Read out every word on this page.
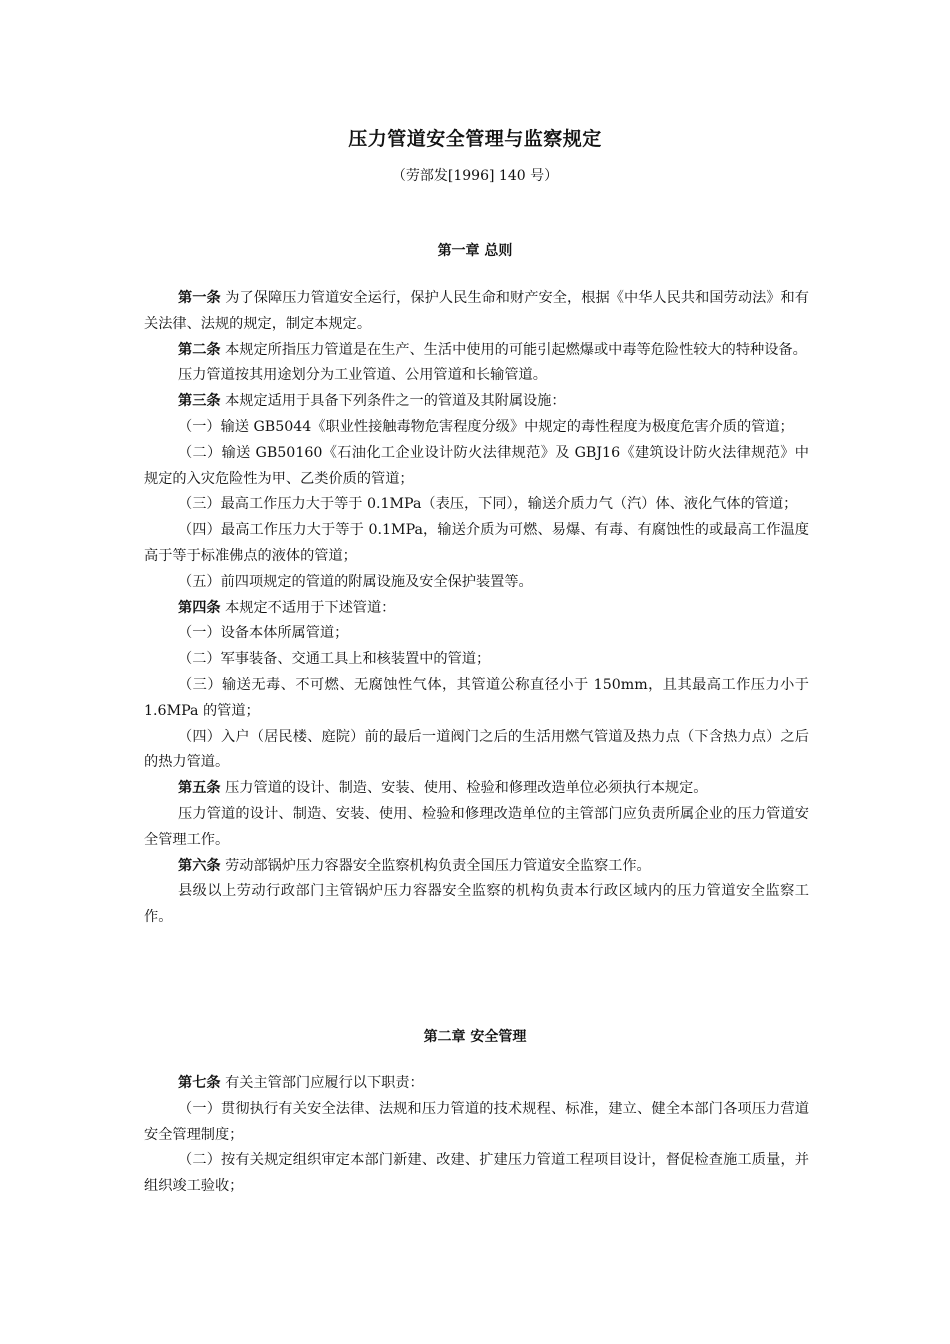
压力管道安全管理与监察规定
（劳部发[1996] 140 号）
第一章 总则

第一条 为了保障压力管道安全运行，保护人民生命和财产安全，根据《中华人民共和国劳动法》和有关法律、法规的规定，制定本规定。

第二条 本规定所指压力管道是在生产、生活中使用的可能引起燃爆或中毒等危险性较大的特种设备。

压力管道按其用途划分为工业管道、公用管道和长输管道。

第三条 本规定适用于具备下列条件之一的管道及其附属设施：

（一）输送 GB5044《职业性接触毒物危害程度分级》中规定的毒性程度为极度危害介质的管道；

（二）输送 GB50160《石油化工企业设计防火法律规范》及 GBJ16《建筑设计防火法律规范》中规定的入灾危险性为甲、乙类价质的管道；

（三）最高工作压力大于等于 0.1MPa（表压，下同），输送介质力气（汽）体、液化气体的管道；

（四）最高工作压力大于等于 0.1MPa，输送介质为可燃、易爆、有毒、有腐蚀性的或最高工作温度高于等于标准佛点的液体的管道；

（五）前四项规定的管道的附属设施及安全保护装置等。

第四条 本规定不适用于下述管道：

（一）设备本体所属管道；

（二）军事装备、交通工具上和核装置中的管道；

（三）输送无毒、不可燃、无腐蚀性气体，其管道公称直径小于 150mm，且其最高工作压力小于 1.6MPa 的管道；

（四）入户（居民楼、庭院）前的最后一道阀门之后的生活用燃气管道及热力点（下含热力点）之后的热力管道。

第五条 压力管道的设计、制造、安装、使用、检验和修理改造单位必须执行本规定。

压力管道的设计、制造、安装、使用、检验和修理改造单位的主管部门应负责所属企业的压力管道安全管理工作。

第六条 劳动部锅炉压力容器安全监察机构负责全国压力管道安全监察工作。

县级以上劳动行政部门主管锅炉压力容器安全监察的机构负责本行政区域内的压力管道安全监察工作。

第二章 安全管理

第七条 有关主管部门应履行以下职责：

（一）贯彻执行有关安全法律、法规和压力管道的技术规程、标准，建立、健全本部门各项压力营道安全管理制度；

（二）按有关规定组织审定本部门新建、改建、扩建压力管道工程项目设计，督促检查施工质量，并组织竣工验收；
